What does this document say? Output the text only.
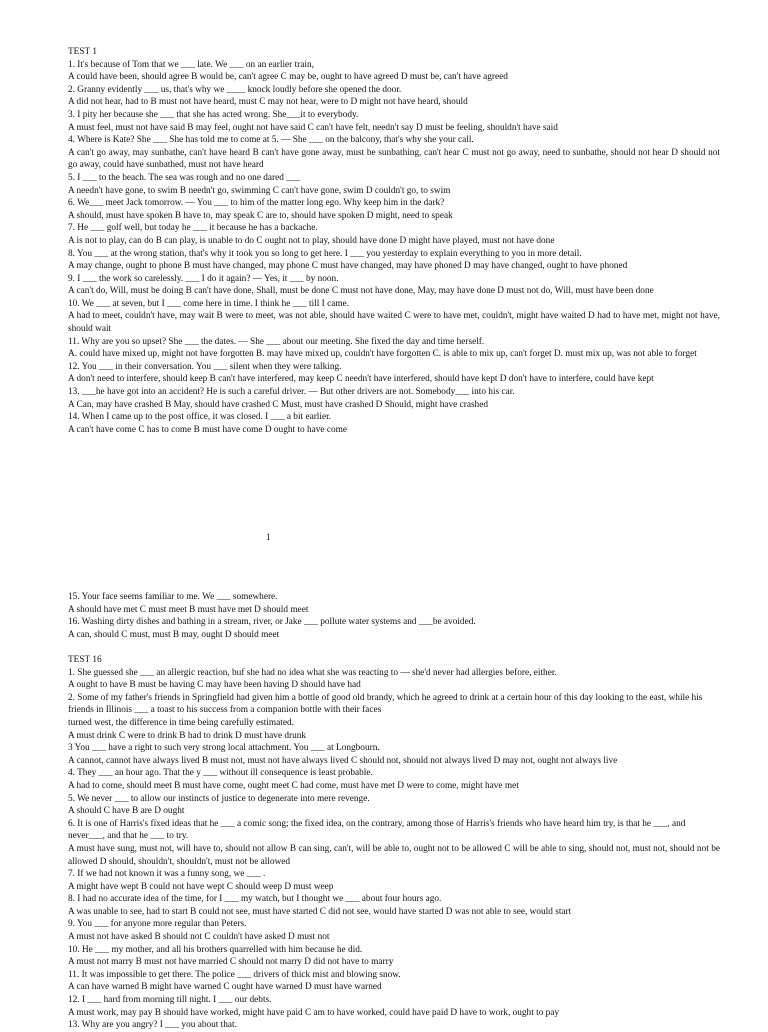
TEST 1

1. It's because of Tom that we ___ late. We ___ on an earlier train,

A could have been, should agree B would be, can't agree C may be, ought to have agreed D must be, can't have agreed

2. Granny evidently ___ us, that's why we ____ knock loudly before she opened the door.

A did not hear, had to B must not have heard, must C may not hear, were to D might not have heard, should

3. I pity her because she ___ that she has acted wrong. She___it to everybody.

A must feel, must not have said B may feel, ought not have said C can't have felt, needn't say D must be feeling, shouldn't have said

4. Where is Kate? She ___ She has told me to come at 5. — She ___ on the balcony, that's why she your call.

A can't go away, may sunbathe, can't have heard B can't have gone away, must be sunbathing, can't hear C must not go away, need to sunbathe, should not hear D should not go away, could have sunbathed, must not have heard

5. I ___ to the beach. The sea was rough and no one dared ___

A needn't have gone, to swim B needn't go, swimming C can't have gone, swim D couldn't go, to swim

6. We___ meet Jack tomorrow. — You ___ to him of the matter long ego. Why keep him in the dark?

A should, must have spoken B have to, may speak C are to, should have spoken D might, need to speak

7. He ___ golf well, but today he ___ it because he has a backache.

A is not to play, can do B can play, is unable to do C ought not to play, should have done D might have played, must not have done

8. You ___ at the wrong station, that's why it took you so long to get here. I ___ you yesterday to explain everything to you in more detail.

A may change, ought to phone B must have changed, may phone C must have changed, may have phoned D may have changed, ought to have phoned

9. I ___ the work so carelessly. ___ I do it again? — Yes, it ___ by noon.

A can't do, Will, must be doing B can't have done, Shall, must be done C must not have done, May, may have done D must not do, Will, must have been done

10. We ___ at seven, but I ___ come here in time. I think he ___ till I came.

A had to meet, couldn't have, may wait B were to meet, was not able, should have waited C were to have met, couldn't, might have waited D had to have met, might not have, should wait

11. Why are you so upset? She ___ the dates. — She ___ about our meeting. She fixed the day and time herself.

A. could have mixed up, might not have forgotten B. may have mixed up, couldn't have forgotten C. is able to mix up, can't forget D. must mix up, was not able to forget

12. You ___ in their conversation. You ___ silent when they were talking.

A don't need to interfere, should keep B can't have interfered, may keep C needn't have interfered, should have kept D don't have to interfere, could have kept

13. ___he have got into an accident? He is such a careful driver. — But other drivers are not. Somebody___ into his car.

A Can, may have crashed B May, should have crashed C Must, must have crashed D Should, might have crashed

14. When I came up to the post office, it was closed. I ___ a bit earlier.

A can't have come C has to come B must have come D ought to have come

1

15. Your face seems familiar to me. We ___ somewhere.

A should have met C must meet B must have met D should meet

16. Washing dirty dishes and bathing in a stream, river, or Jake ___ pollute water systems and ___be avoided.

A can, should C must, must B may, ought D should meet

TEST 16

1. She guessed she ___ an allergic reaction, buf she had no idea what she was reacting to — she'd never had allergies before, either.

A ought to have B must be having C may have been having D should have had

2. Some of my father's friends in Springfield had given him a bottle of good old brandy, which he agreed to drink at a certain hour of this day looking to the east, while his friends in Illinois ___ a toast to his success from a companion bottle with their faces

turned west, the difference in time being carefully estimated.

A must drink C were to drink B had to drink D must have drunk

3 You ___ have a right to such very strong local attachment. You ___ at Longbourn.

A cannot, cannot have always lived B must not, must not have always lived C should not, should not always lived D may not, ought not always live

4. They ___ an hour ago. That the y ___ without ill consequence is least probable.

A had to come, should meet B must have come, ought meet C had come, must have met D were to come, might have met

5. We never ___ to allow our instincts of justice to degenerate into mere revenge.

A should C have B are D ought

6. It is one of Harris's fixed ideas that he ___ a comic song; the fixed idea, on the contrary, among those of Harris's friends who have heard him try, is that he ___, and never___, and that he ___ to try.

A must have sung, must not, will have to, should not allow B can sing, can't, will be able to, ought not to be allowed C will be able to sing, should not, must not, should not be allowed D should, shouldn't, shouldn't, must not be allowed

7. If we had not known it was a funny song, we ___ .

A might have wept B could not have wept C should weep D must weep

8. I had no accurate idea of the time, for I ___ my watch, but I thought we ___ about four hours ago.

A was unable to see, had to start B could not see, must have started C did not see, would have started D was not able to see, would start

9. You ___ for anyone more regular than Peters.

A must not have asked B should not C couldn't have asked D must not

10. He ___ my mother, and all his brothers quarrelled with him because he did.

A must not marry B must not have married C should not marry D did not have to marry

11. It was impossible to get there. The police ___ drivers of thick mist and blowing snow.

A can have warned B might have warned C ought have warned D must have warned

12. I ___ hard from morning till night. I ___ our debts.

A must work, may pay B should have worked, might have paid C am to have worked, could have paid D have to work, ought to pay

13. Why are you angry? I ___ you about that.
